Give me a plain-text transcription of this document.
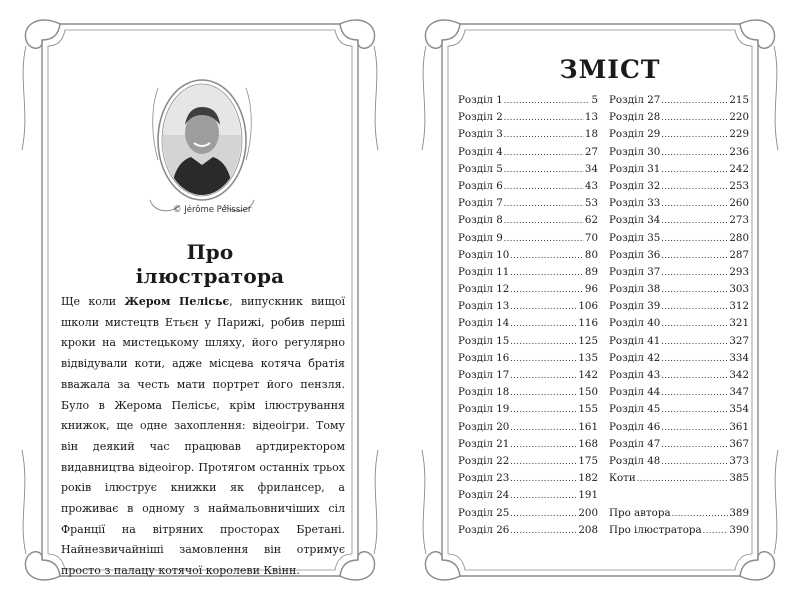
© Jérôme Pélissier
Про ілюстратора
Ще коли Жером Пелісьє, випускник вищої школи мистецтв Етьєн у Парижі, робив перші кроки на мистецькому шляху, його регулярно відвідували коти, адже місцева котяча братія вважала за честь мати портрет його пензля. Було в Жерома Пелісьє, крім ілюстрування книжок, ще одне захоплення: відеоігри. Тому він деякий час працював артдиректором видавництва відеоігор. Протягом останніх трьох років ілюструє книжки як фрилансер, а проживає в одному з наймальовничіших сіл Франції на вітряних просторах Бретані. Найнезвичайніші замовлення він отримує просто з палацу котячої королеви Квінн.
ЗМІСТ
Розділ 1 .....	5
Розділ 2 .....	13
Розділ 3 .....	18
Розділ 4 .....	27
Розділ 5 .....	34
Розділ 6 .....	43
Розділ 7 .....	53
Розділ 8 .....	62
Розділ 9 .....	70
Розділ 10 .....	80
Розділ 11 .....	89
Розділ 12 .....	96
Розділ 13 .....	106
Розділ 14 .....	116
Розділ 15 .....	125
Розділ 16 .....	135
Розділ 17 .....	142
Розділ 18 .....	150
Розділ 19 .....	155
Розділ 20 .....	161
Розділ 21 .....	168
Розділ 22 .....	175
Розділ 23 .....	182
Розділ 24 .....	191
Розділ 25 .....	200
Розділ 26 .....	208
Розділ 27 .....	215
Розділ 28 .....	220
Розділ 29 .....	229
Розділ 30 .....	236
Розділ 31 .....	242
Розділ 32 .....	253
Розділ 33 .....	260
Розділ 34 .....	273
Розділ 35 .....	280
Розділ 36 .....	287
Розділ 37 .....	293
Розділ 38 .....	303
Розділ 39 .....	312
Розділ 40 .....	321
Розділ 41 .....	327
Розділ 42 .....	334
Розділ 43 .....	342
Розділ 44 .....	347
Розділ 45 .....	354
Розділ 46 .....	361
Розділ 47 .....	367
Розділ 48 .....	373
Коти .....	385
Про автора .....	389
Про ілюстратора .....	390
